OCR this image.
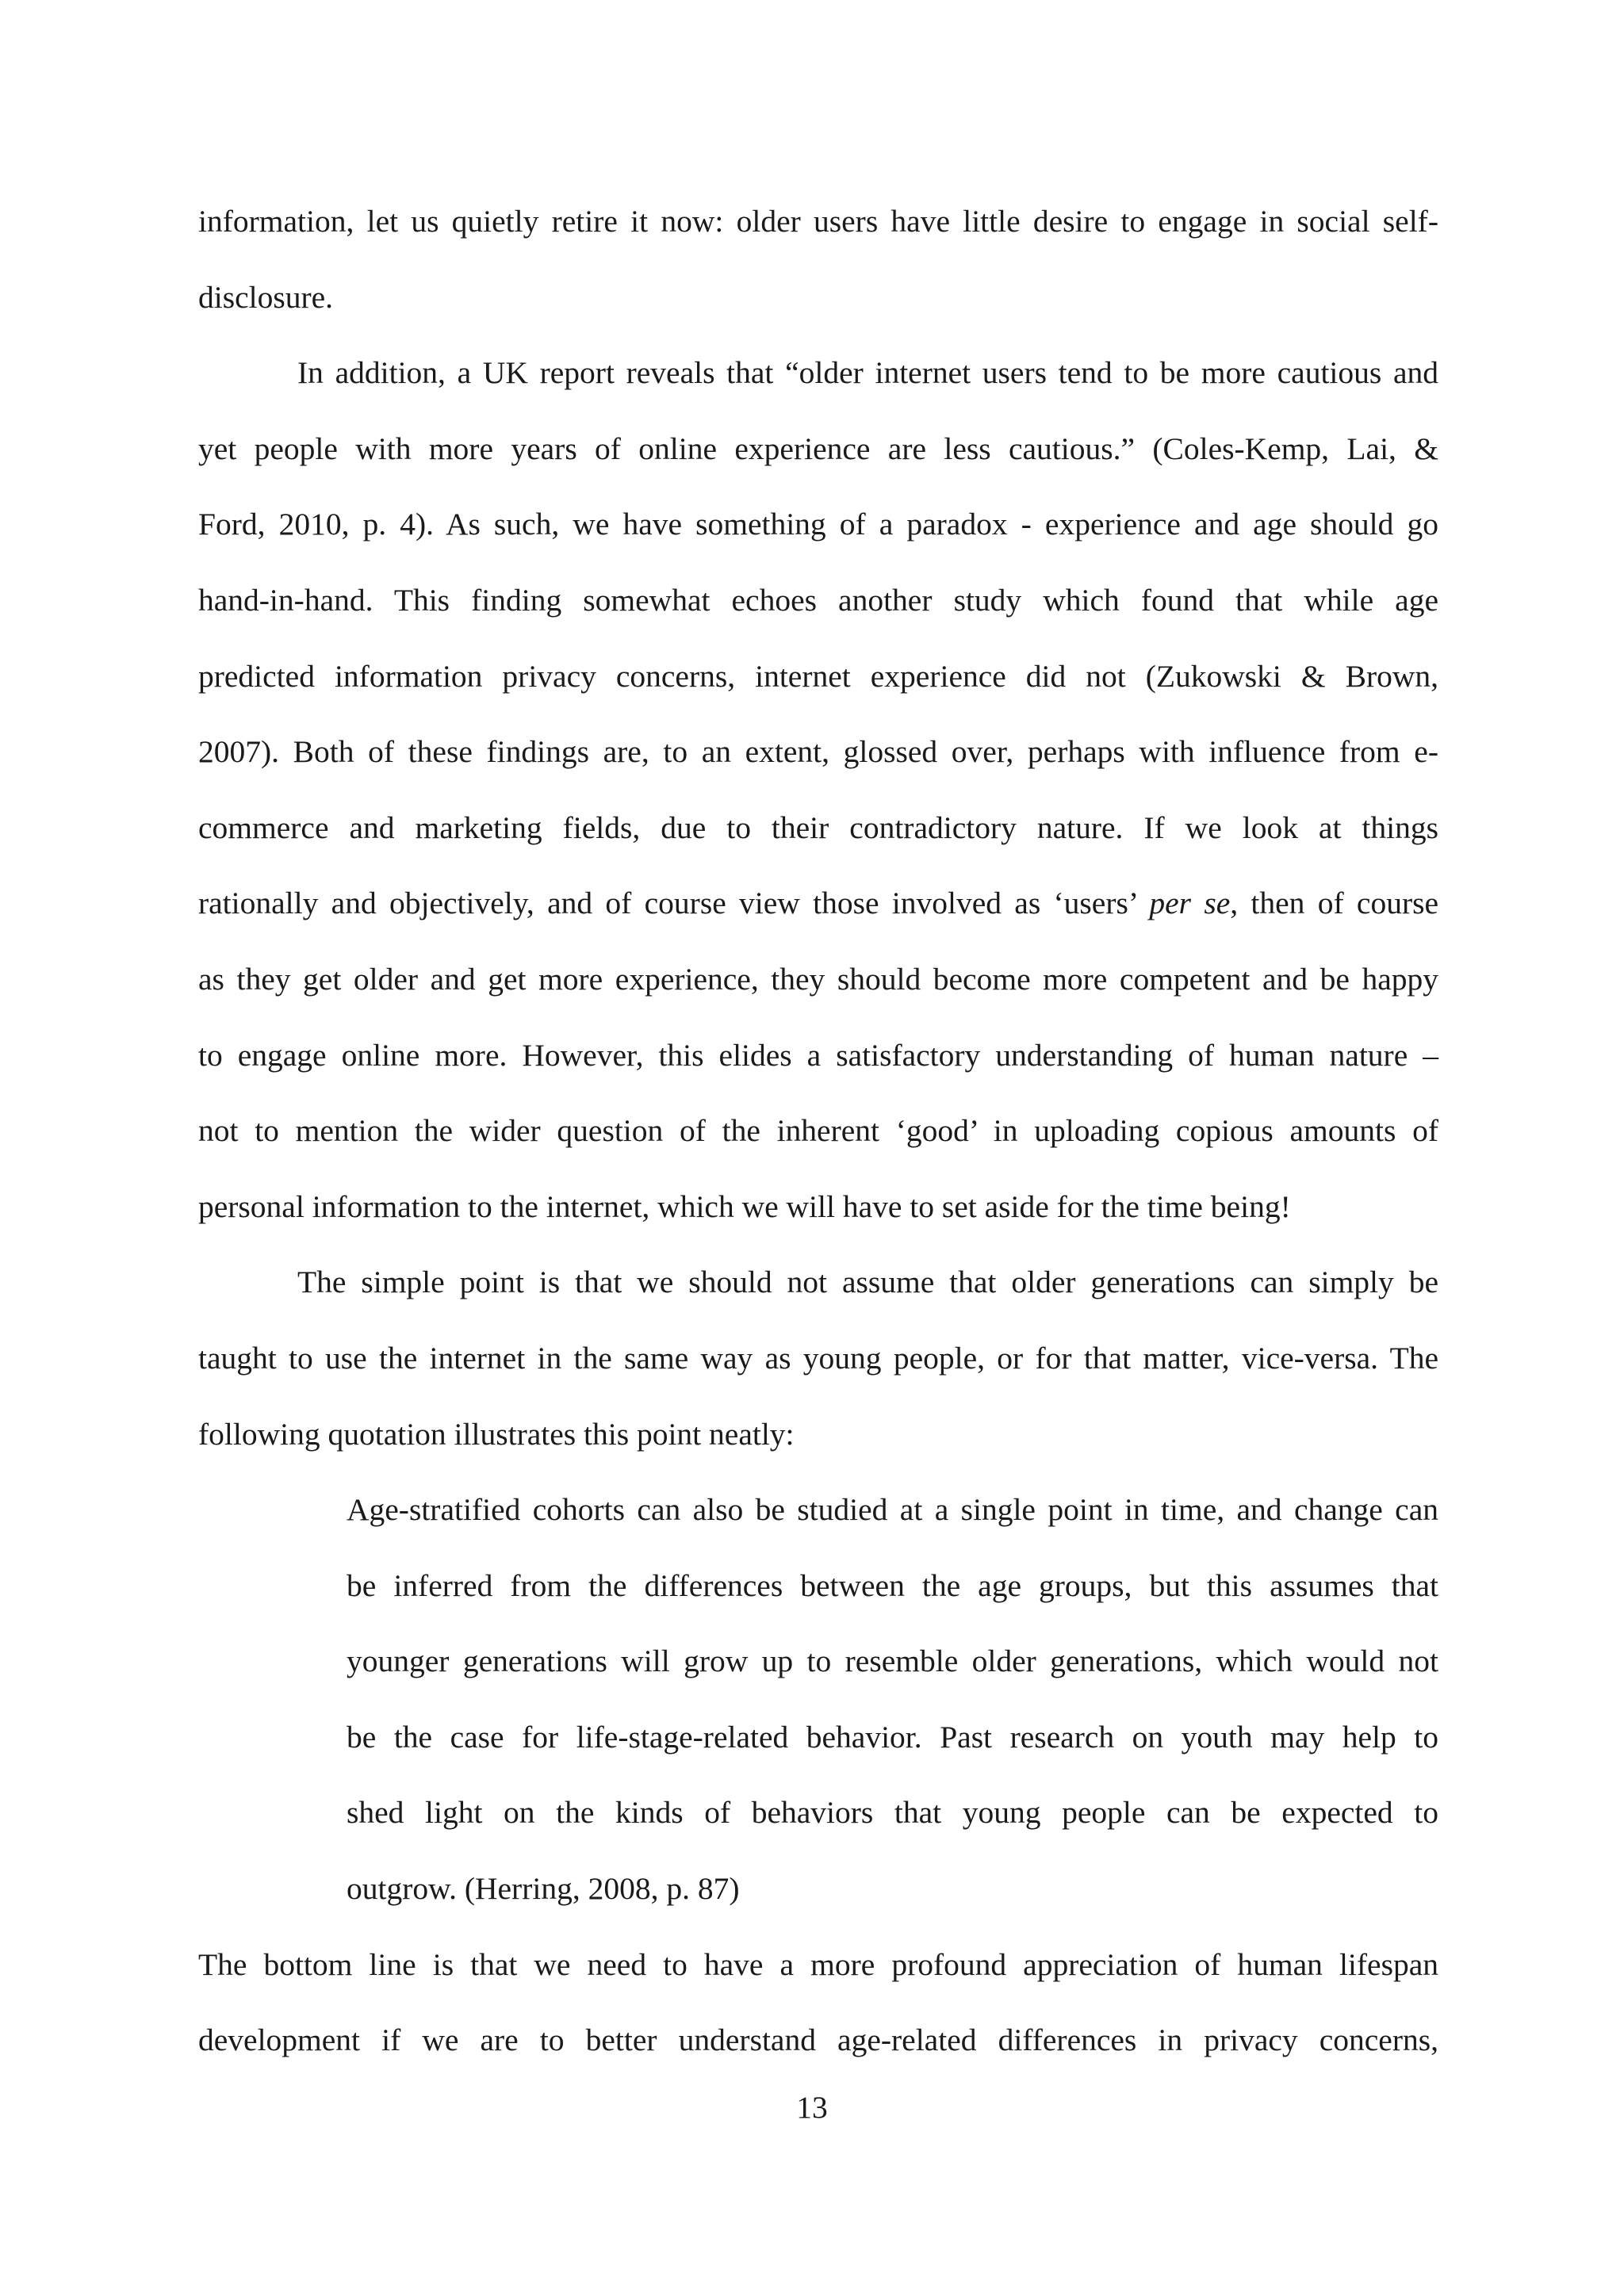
information, let us quietly retire it now: older users have little desire to engage in social self-
disclosure.
In addition, a UK report reveals that “older internet users tend to be more cautious and
yet people with more years of online experience are less cautious.” (Coles-Kemp, Lai, &
Ford, 2010, p. 4). As such, we have something of a paradox - experience and age should go
hand-in-hand. This finding somewhat echoes another study which found that while age
predicted information privacy concerns, internet experience did not (Zukowski & Brown,
2007). Both of these findings are, to an extent, glossed over, perhaps with influence from e-
commerce and marketing fields, due to their contradictory nature. If we look at things
rationally and objectively, and of course view those involved as ‘users’ per se, then of course
as they get older and get more experience, they should become more competent and be happy
to engage online more. However, this elides a satisfactory understanding of human nature –
not to mention the wider question of the inherent ‘good’ in uploading copious amounts of
personal information to the internet, which we will have to set aside for the time being!
The simple point is that we should not assume that older generations can simply be
taught to use the internet in the same way as young people, or for that matter, vice-versa. The
following quotation illustrates this point neatly:
Age-stratified cohorts can also be studied at a single point in time, and change can
be inferred from the differences between the age groups, but this assumes that
younger generations will grow up to resemble older generations, which would not
be the case for life-stage-related behavior. Past research on youth may help to
shed light on the kinds of behaviors that young people can be expected to
outgrow. (Herring, 2008, p. 87)
The bottom line is that we need to have a more profound appreciation of human lifespan
development if we are to better understand age-related differences in privacy concerns,
13
